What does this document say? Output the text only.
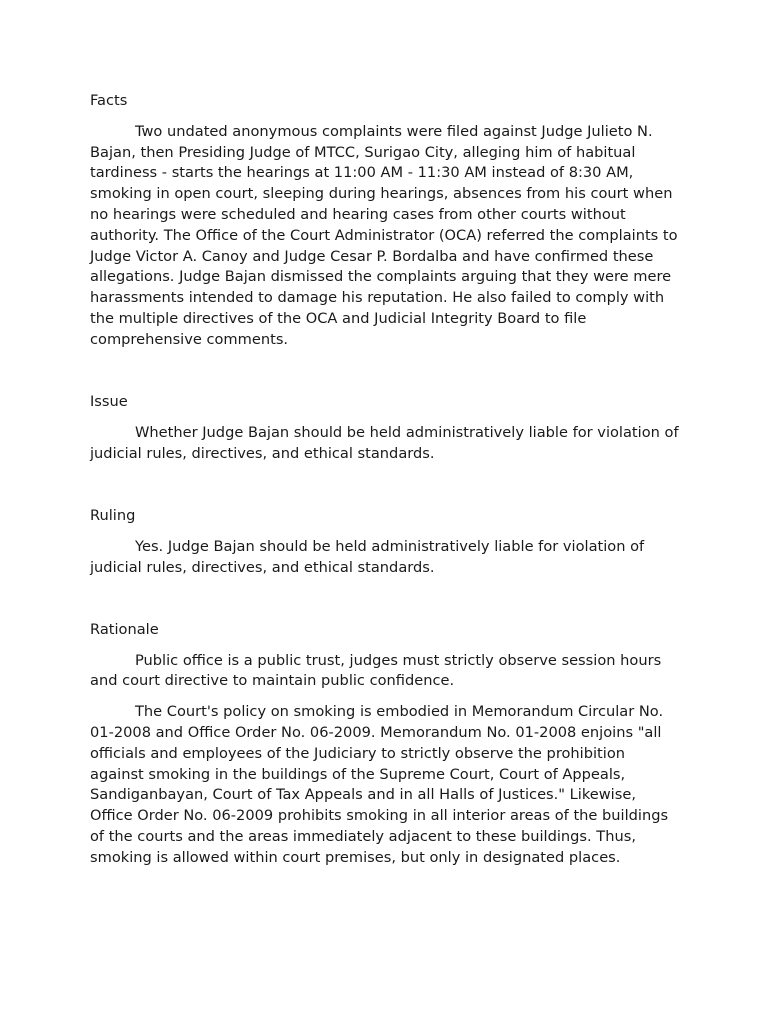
Facts

Two undated anonymous complaints were filed against Judge Julieto N. Bajan, then Presiding Judge of MTCC, Surigao City, alleging him of habitual tardiness - starts the hearings at 11:00 AM - 11:30 AM instead of 8:30 AM, smoking in open court, sleeping during hearings, absences from his court when no hearings were scheduled and hearing cases from other courts without authority. The Office of the Court Administrator (OCA) referred the complaints to Judge Victor A. Canoy and Judge Cesar P. Bordalba and have confirmed these allegations. Judge Bajan dismissed the complaints arguing that they were mere harassments intended to damage his reputation. He also failed to comply with the multiple directives of the OCA and Judicial Integrity Board to file comprehensive comments.

Issue

Whether Judge Bajan should be held administratively liable for violation of judicial rules, directives, and ethical standards.

Ruling

Yes. Judge Bajan should be held administratively liable for violation of judicial rules, directives, and ethical standards.

Rationale

Public office is a public trust, judges must strictly observe session hours and court directive to maintain public confidence.

The Court's policy on smoking is embodied in Memorandum Circular No. 01-2008 and Office Order No. 06-2009. Memorandum No. 01-2008 enjoins "all officials and employees of the Judiciary to strictly observe the prohibition against smoking in the buildings of the Supreme Court, Court of Appeals, Sandiganbayan, Court of Tax Appeals and in all Halls of Justices." Likewise, Office Order No. 06-2009 prohibits smoking in all interior areas of the buildings of the courts and the areas immediately adjacent to these buildings. Thus, smoking is allowed within court premises, but only in designated places.
